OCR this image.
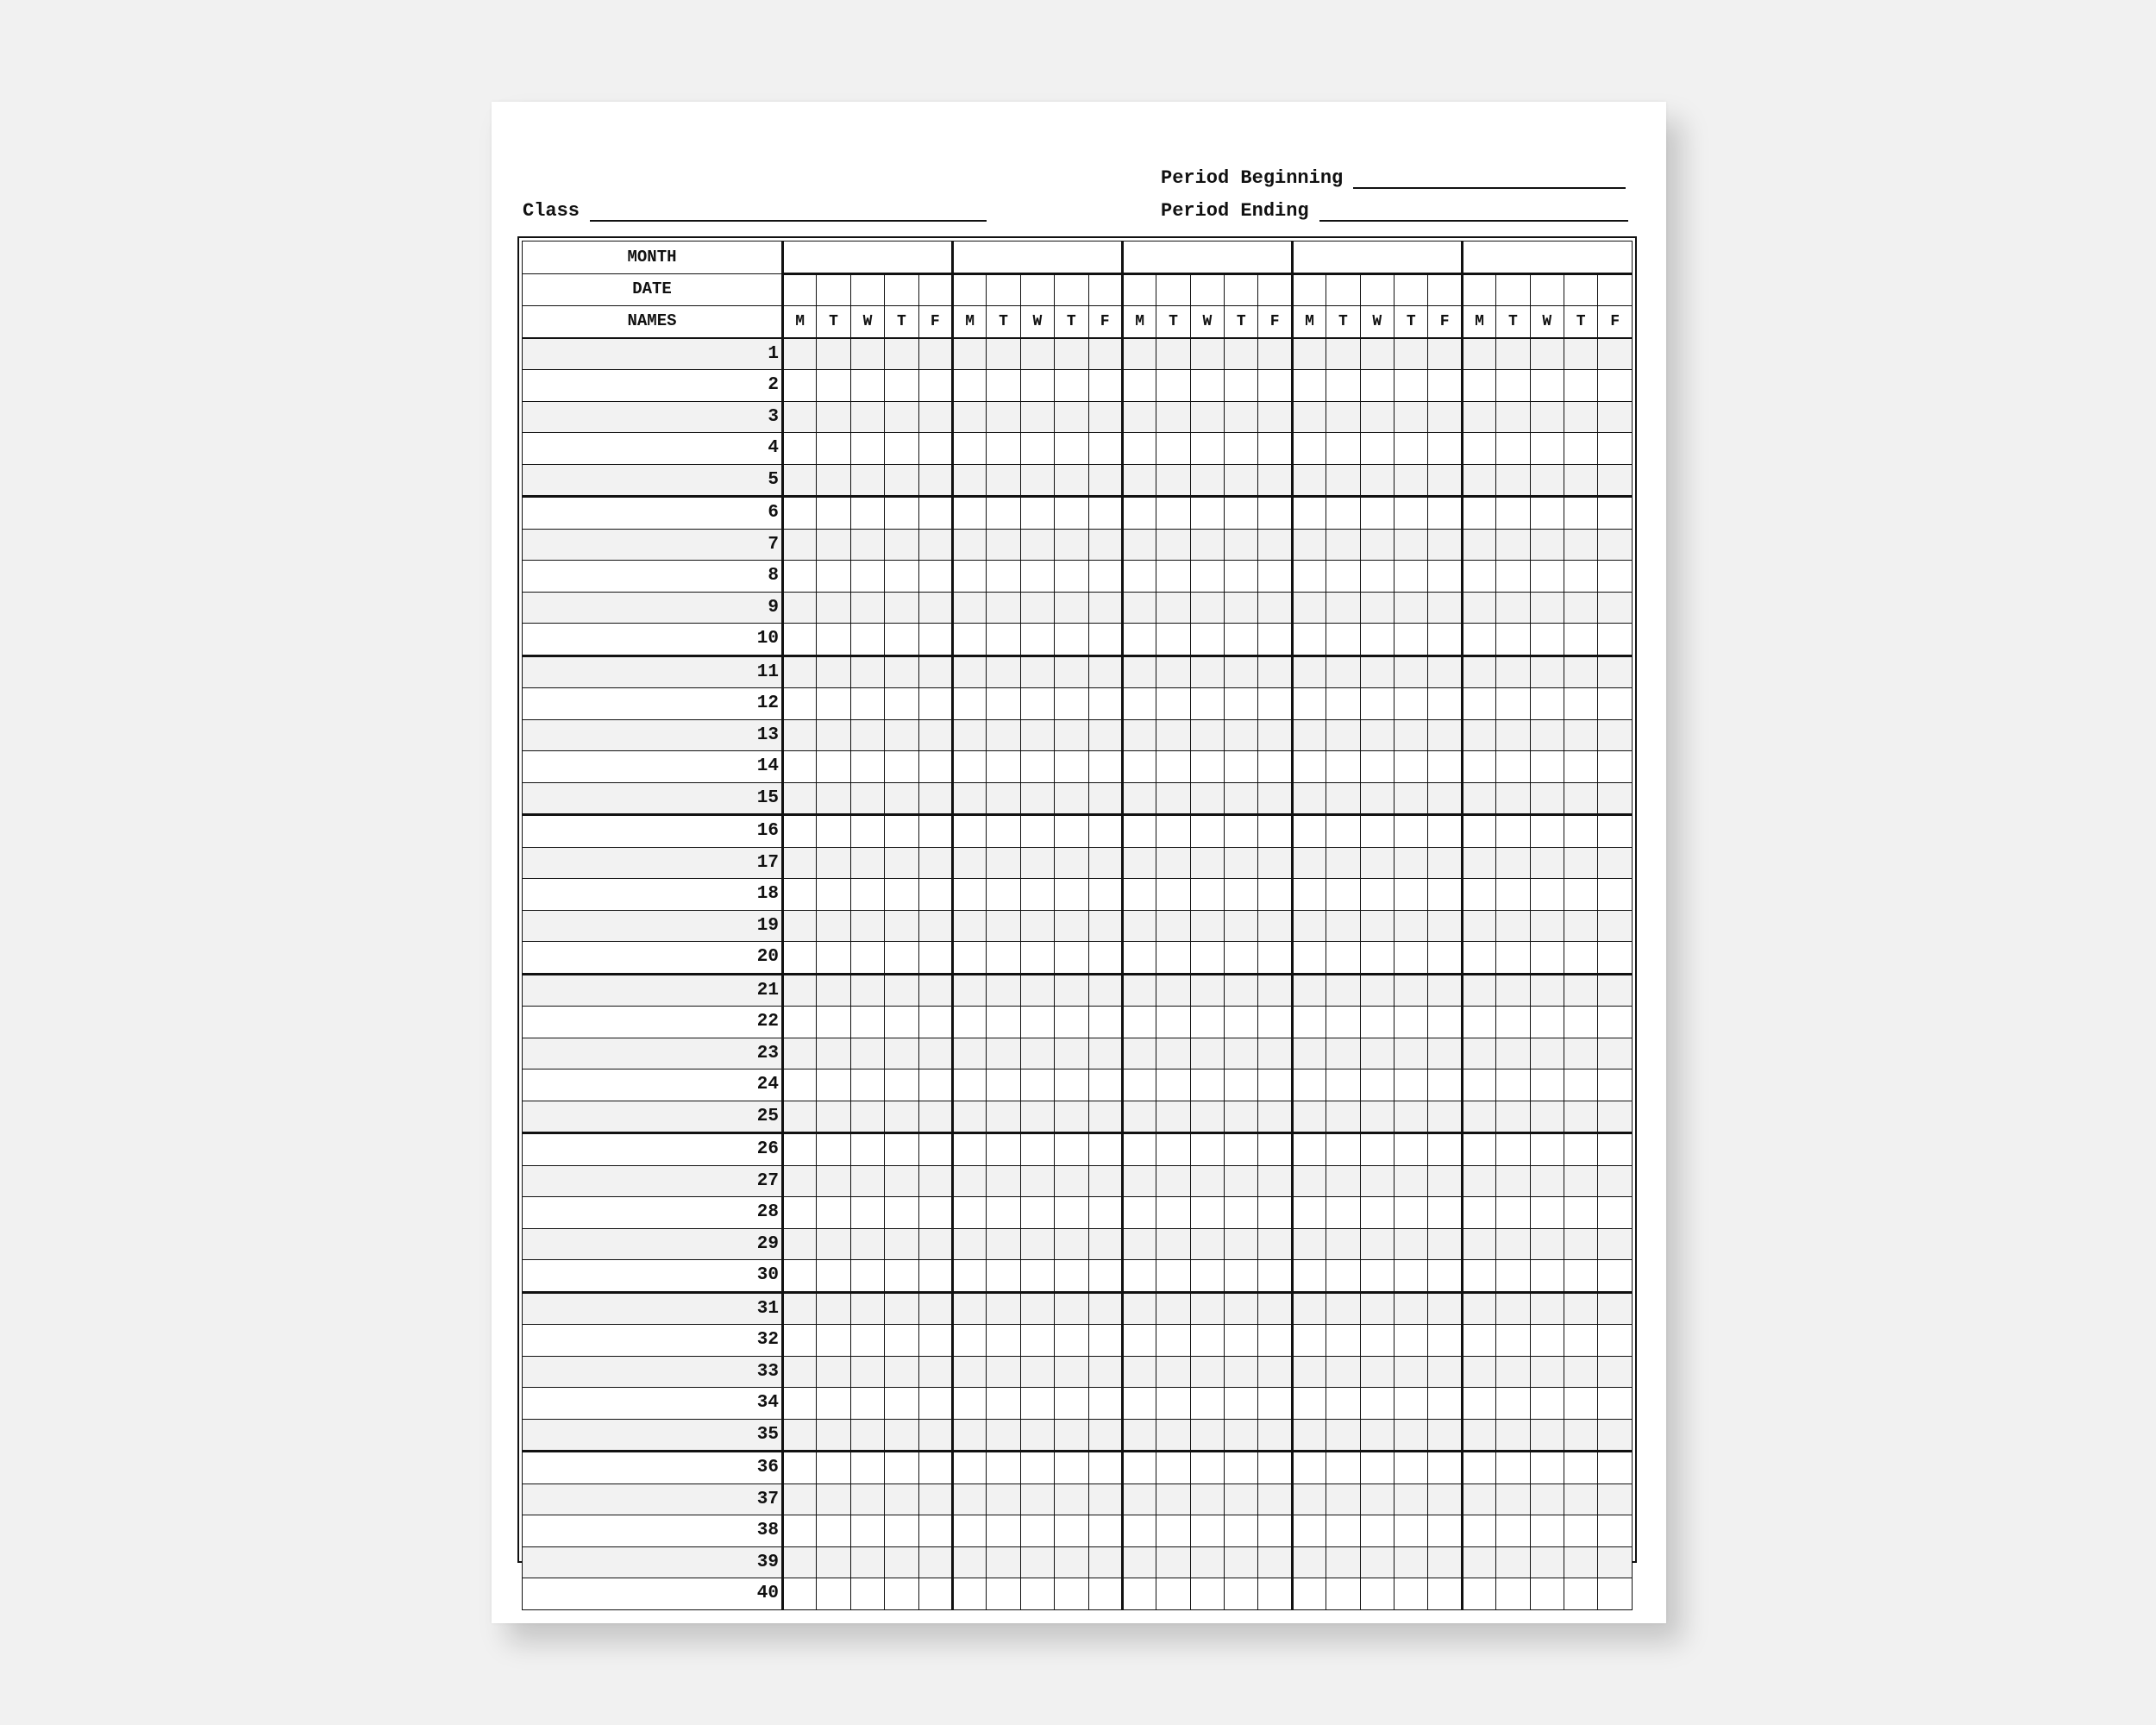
Period Beginning
Class	Period Ending
MONTH																									
DATE																									
NAMES	M	T	W	T	F	M	T	W	T	F	M	T	W	T	F	M	T	W	T	F	M	T	W	T	F
1																									
2																									
3																									
4																									
5																									
6																									
7																									
8																									
9																									
10																									
11																									
12																									
13																									
14																									
15																									
16																									
17																									
18																									
19																									
20																									
21																									
22																									
23																									
24																									
25																									
26																									
27																									
28																									
29																									
30																									
31																									
32																									
33																									
34																									
35																									
36																									
37																									
38																									
39																									
40																									
